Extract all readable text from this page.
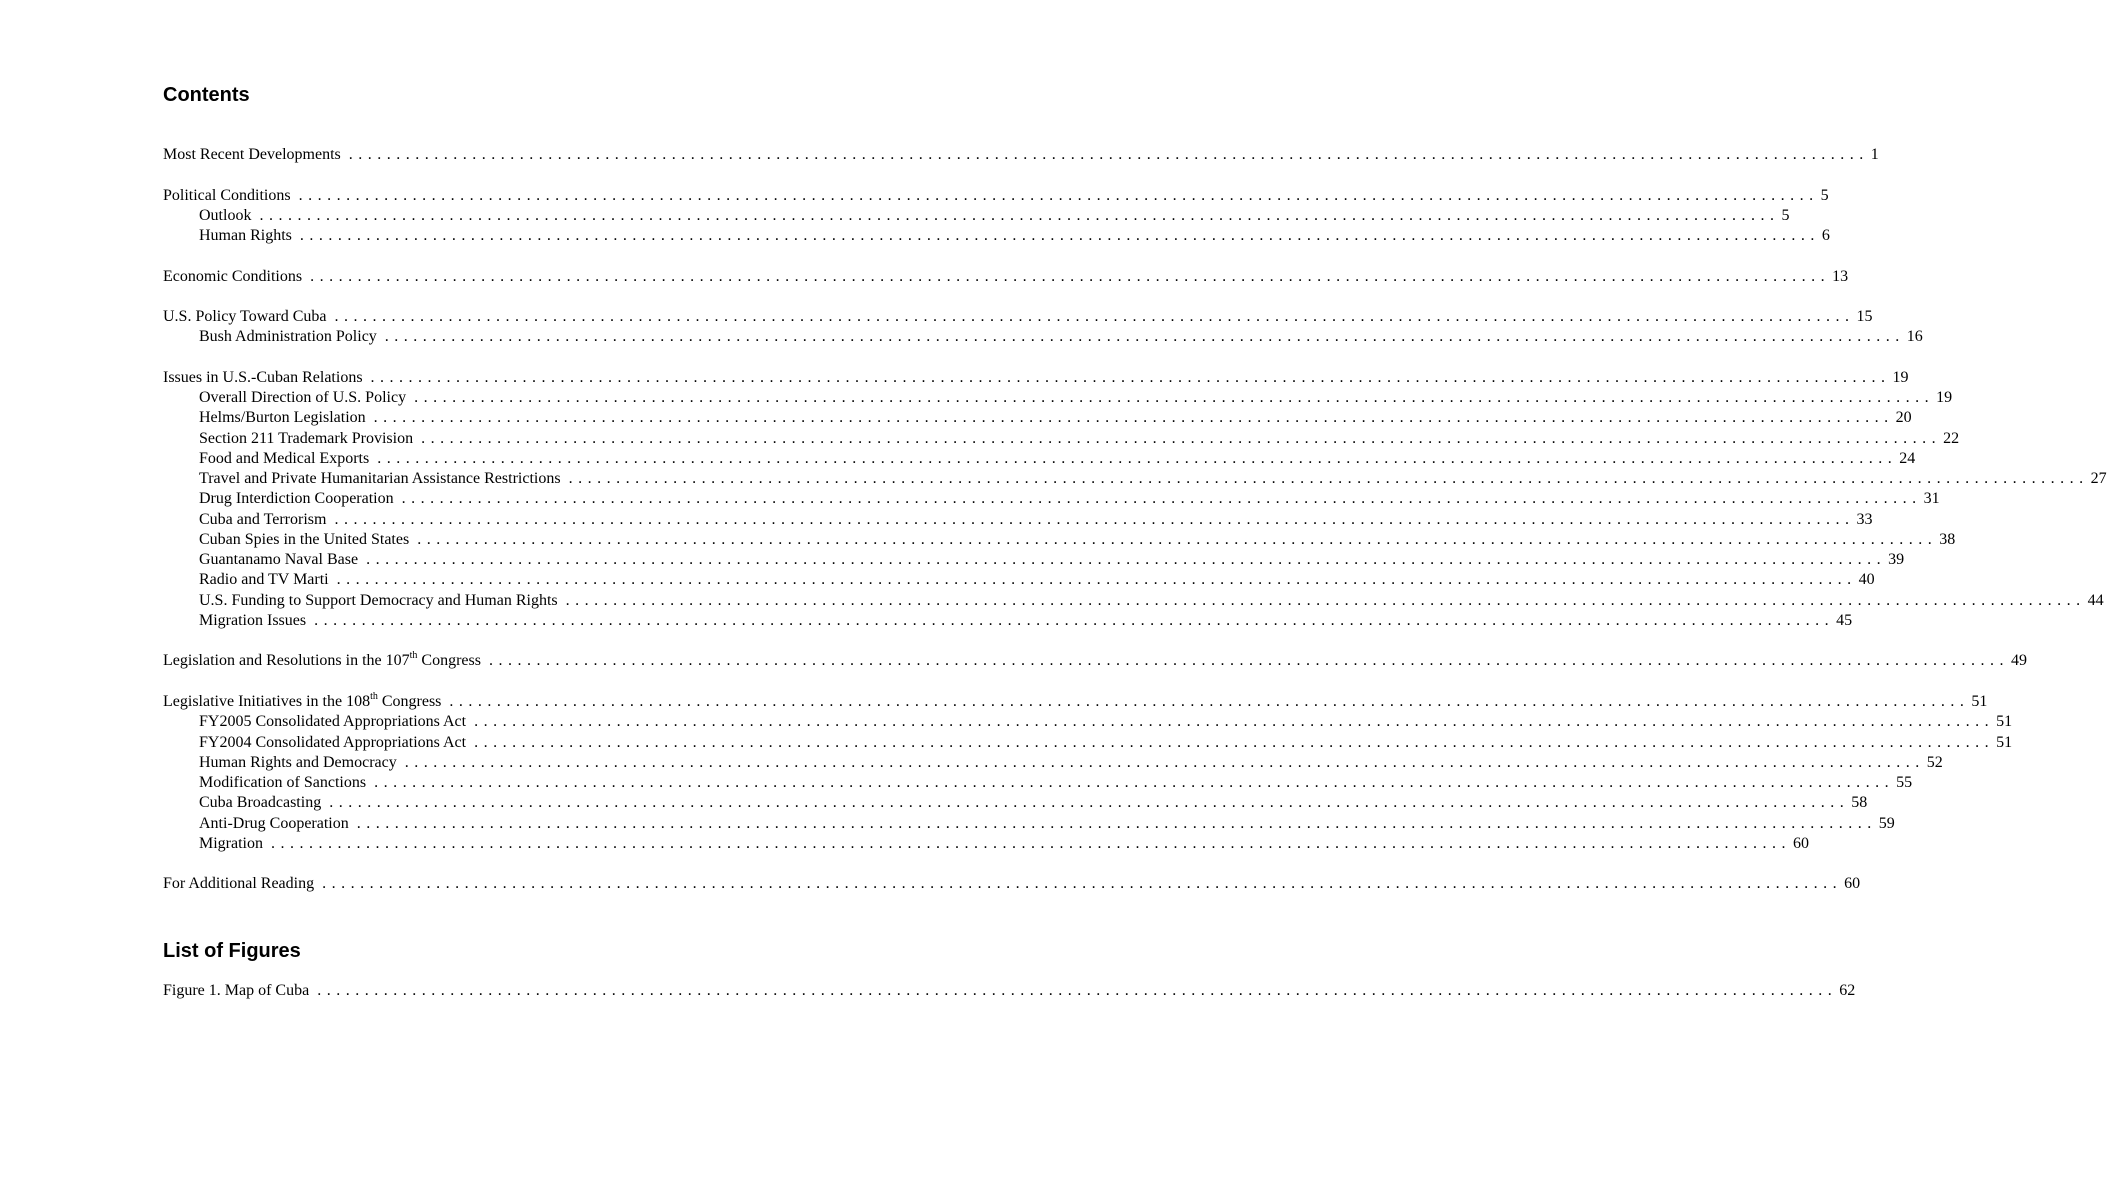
Contents
Most Recent Developments ................................................................................................................................................................ 1
Political Conditions ................................................................................................................................................................ 5
Outlook ................................................................................................................................................................ 5
Human Rights ................................................................................................................................................................ 6
Economic Conditions ................................................................................................................................................................ 13
U.S. Policy Toward Cuba ................................................................................................................................................................ 15
Bush Administration Policy ................................................................................................................................................................ 16
Issues in U.S.-Cuban Relations ................................................................................................................................................................ 19
Overall Direction of U.S. Policy ................................................................................................................................................................ 19
Helms/Burton Legislation ................................................................................................................................................................ 20
Section 211 Trademark Provision ................................................................................................................................................................ 22
Food and Medical Exports ................................................................................................................................................................ 24
Travel and Private Humanitarian Assistance Restrictions ................................................................................................................................................................ 27
Drug Interdiction Cooperation ................................................................................................................................................................ 31
Cuba and Terrorism ................................................................................................................................................................ 33
Cuban Spies in the United States ................................................................................................................................................................ 38
Guantanamo Naval Base ................................................................................................................................................................ 39
Radio and TV Marti ................................................................................................................................................................ 40
U.S. Funding to Support Democracy and Human Rights ................................................................................................................................................................ 44
Migration Issues ................................................................................................................................................................ 45
Legislation and Resolutions in the 107th Congress ................................................................................................................................................................ 49
Legislative Initiatives in the 108th Congress ................................................................................................................................................................ 51
FY2005 Consolidated Appropriations Act ................................................................................................................................................................ 51
FY2004 Consolidated Appropriations Act ................................................................................................................................................................ 51
Human Rights and Democracy ................................................................................................................................................................ 52
Modification of Sanctions ................................................................................................................................................................ 55
Cuba Broadcasting ................................................................................................................................................................ 58
Anti-Drug Cooperation ................................................................................................................................................................ 59
Migration ................................................................................................................................................................ 60
For Additional Reading ................................................................................................................................................................ 60
List of Figures
Figure 1. Map of Cuba ................................................................................................................................................................ 62
